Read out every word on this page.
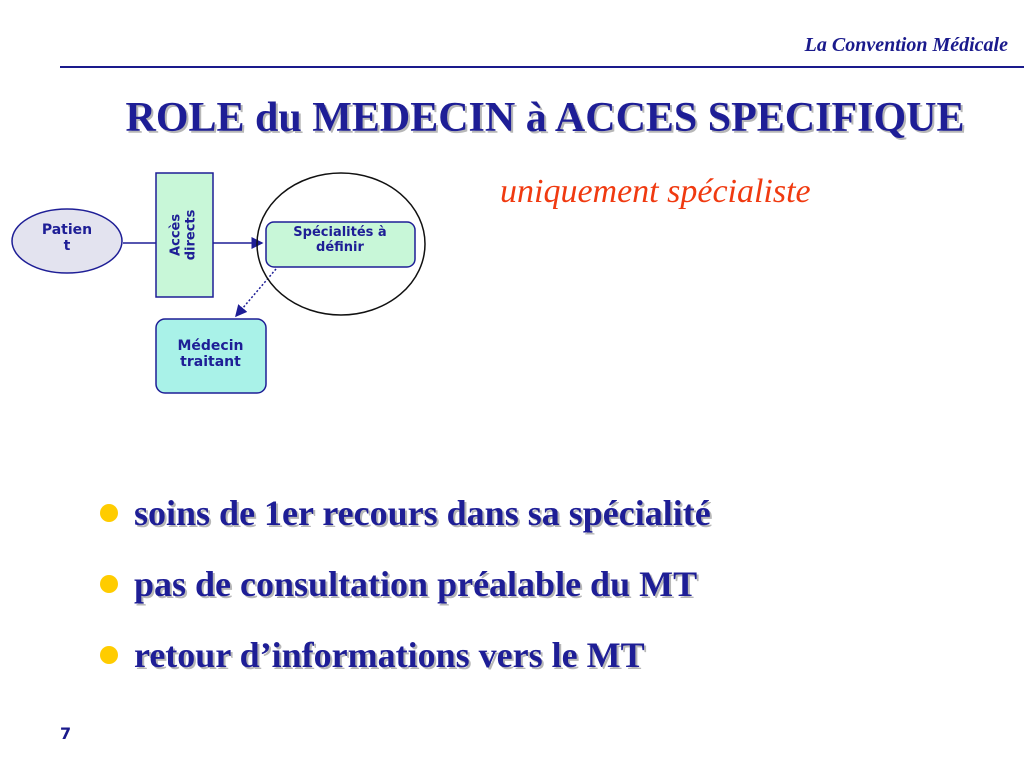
La Convention Médicale
ROLE du MEDECIN à ACCES SPECIFIQUE
uniquement spécialiste
Patien
t	Accès
directs	Spécialités à
définir
Médecin
traitant
soins de 1er recours dans sa spécialité
pas de consultation préalable du MT
retour d’informations vers le MT
7
